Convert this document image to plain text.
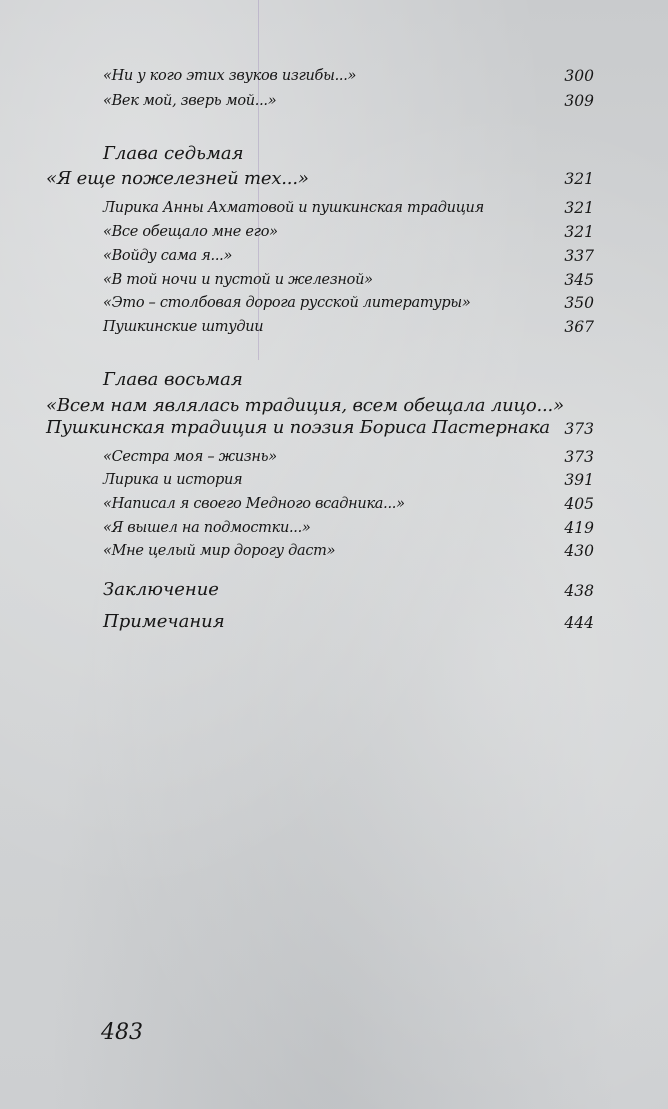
«Ни у кого этих звуков изгибы...»	300
«Век мой, зверь мой...»	309
Глава седьмая
«Я еще пожелезней тех...»	321
Лирика Анны Ахматовой и пушкинская традиция	321
«Все обещало мне его»	321
«Войду сама я...»	337
«В той ночи и пустой и железной»	345
«Это – столбовая дорога русской литературы»	350
Пушкинские штудии	367
Глава восьмая
«Всем нам являлась традиция, всем обещала лицо...»
Пушкинская традиция и поэзия Бориса Пастернака 373
«Сестра моя – жизнь»	373
Лирика и история	391
«Написал я своего Медного всадника...»	405
«Я вышел на подмостки...»	419
«Мне целый мир дорогу даст»	430
Заключение	438
Примечания	444
483
